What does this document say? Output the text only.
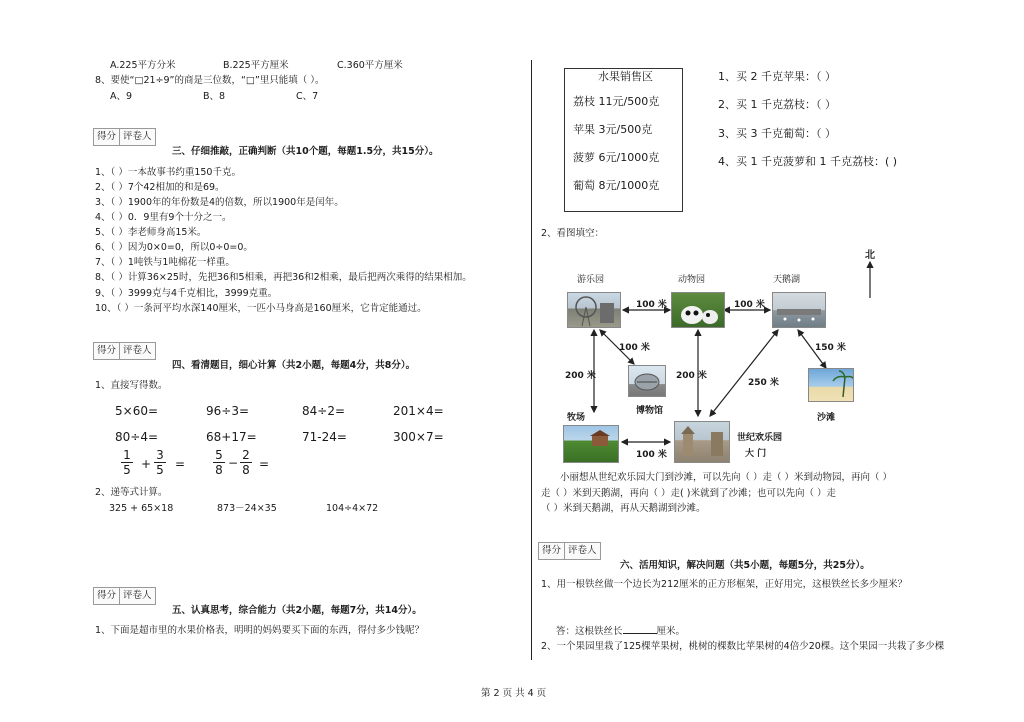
A.225平方分米	B.225平方厘米	C.360平方厘米
8、要使“□21÷9”的商是三位数，“□”里只能填（ ）。
A、9	B、8	C、7
得分 评卷人
三、仔细推敲，正确判断（共10个题，每题1.5分，共15分）。
1、（ ）一本故事书约重150千克。
2、（ ）7个42相加的和是69。
3、（ ）1900年的年份数是4的倍数，所以1900年是闰年。
4、（ ）0．9里有9个十分之一。
5、（ ）李老师身高15米。
6、（ ）因为0×0=0，所以0÷0=0。
7、（ ）1吨铁与1吨棉花一样重。
8、（ ）计算36×25时，先把36和5相乘，再把36和2相乘，最后把两次乘得的结果相加。
9、（ ）3999克与4千克相比，3999克重。
10、（ ）一条河平均水深140厘米，一匹小马身高是160厘米，它肯定能通过。
得分 评卷人
四、看清题目，细心计算（共2小题，每题4分，共8分）。
1、直接写得数。
5×60=	96÷3=	84÷2=	201×4=
80÷4=	68+17=	71-24=	300×7=
1
5 +
3
5 =
5
8 −
2
8 =
2、递等式计算。
325 + 65×18	873－24×35	104÷4×72
得分 评卷人
五、认真思考，综合能力（共2小题，每题7分，共14分）。
1、下面是超市里的水果价格表，明明的妈妈要买下面的东西，得付多少钱呢？
水果销售区
荔枝 11元/500克
苹果 3元/500克
菠萝 6元/1000克
葡萄 8元/1000克
1、买 2 千克苹果：（ ）
2、买 1 千克荔枝：（ ）
3、买 3 千克葡萄：（ ）
4、买 1 千克菠萝和 1 千克荔枝：( )
2、看图填空：
北
游乐园	动物园	天鹅湖
博物馆
牧场
世纪欢乐园
大 门
沙滩
100 米	100 米
100 米
200 米	200 米
250 米
150 米
100 米
小丽想从世纪欢乐园大门到沙滩，可以先向（ ）走（ ）米到动物园，再向（ ）
走（ ）米到天鹅湖，再向（ ）走( )米就到了沙滩；也可以先向（ ）走
（ ）米到天鹅湖，再从天鹅湖到沙滩。
得分 评卷人
六、活用知识，解决问题（共5小题，每题5分，共25分）。
1、用一根铁丝做一个边长为212厘米的正方形框架，正好用完，这根铁丝长多少厘米？
答：这根铁丝长	厘米。
2、一个果园里栽了125棵苹果树，桃树的棵数比苹果树的4倍少20棵。这个果园一共栽了多少棵
第 2 页 共 4 页
